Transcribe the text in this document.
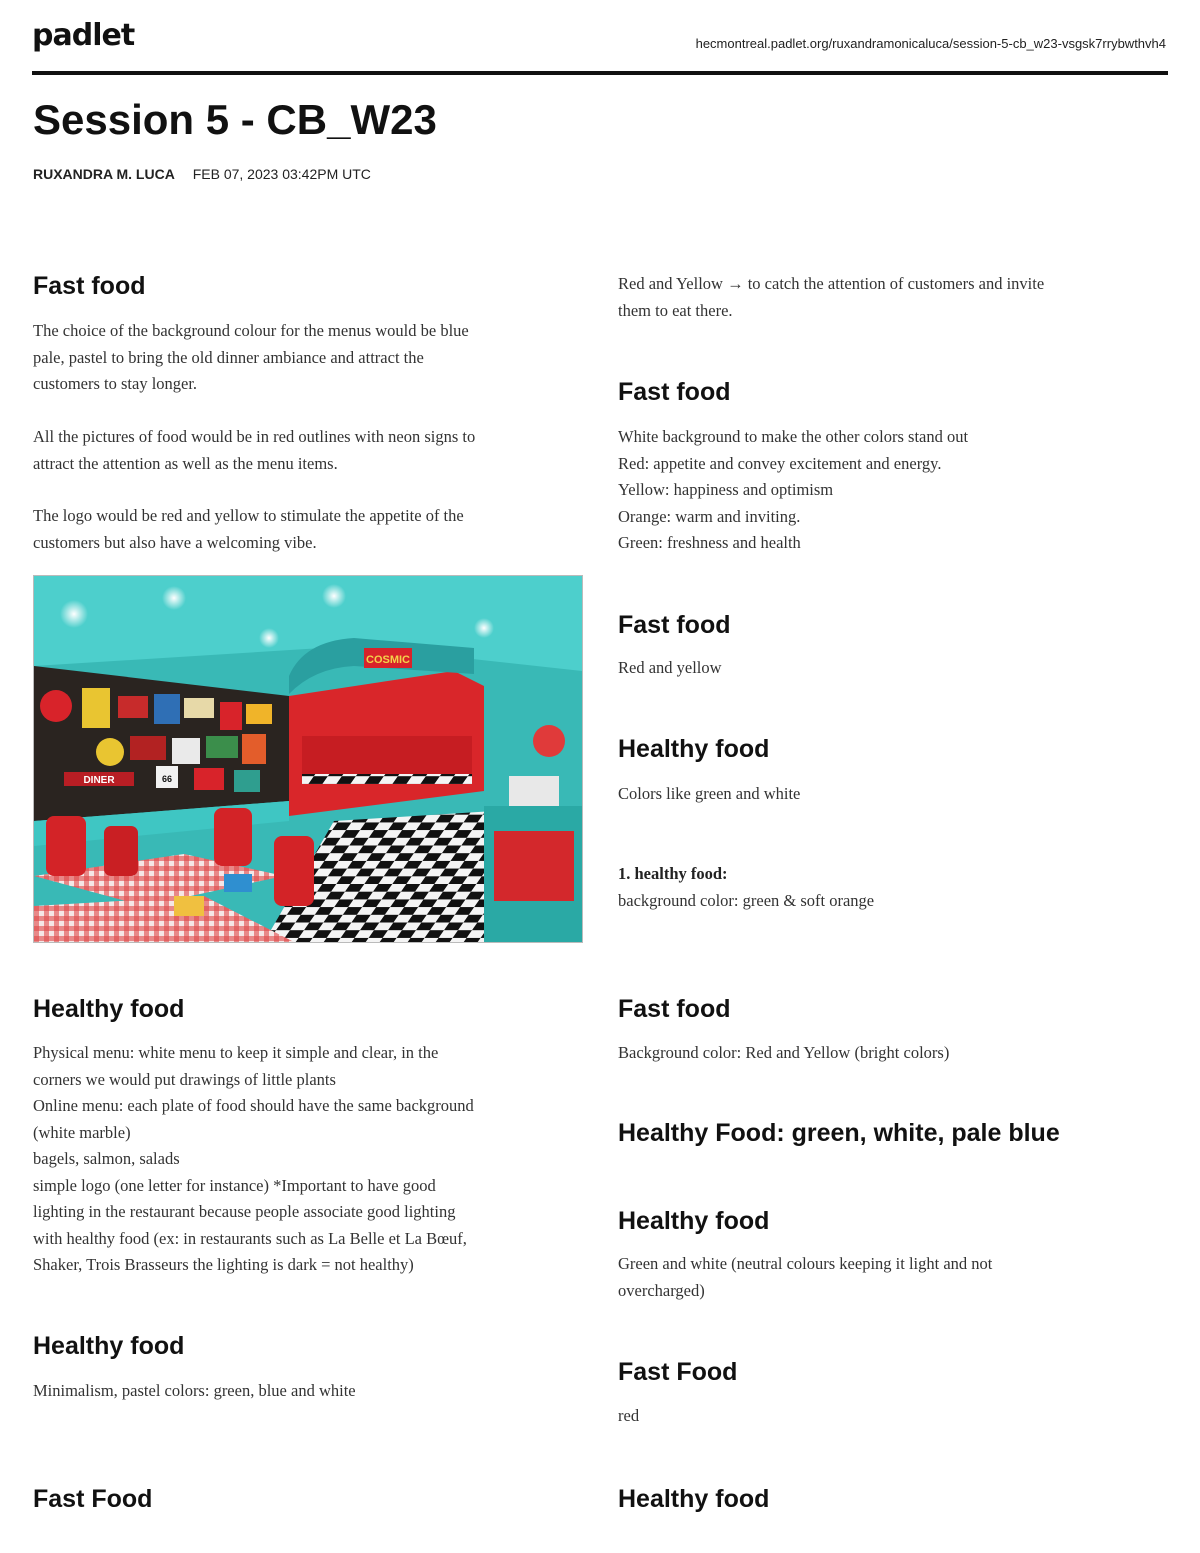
padlet	hecmontreal.padlet.org/ruxandramonicaluca/session-5-cb_w23-vsgsk7rrybwthvh4
Session 5 - CB_W23
RUXANDRA M. LUCA FEB 07, 2023 03:42PM UTC
Fast food

The choice of the background colour for the menus would be blue
pale, pastel to bring the old dinner ambiance and attract the
customers to stay longer.

All the pictures of food would be in red outlines with neon signs to
attract the attention as well as the menu items.

The logo would be red and yellow to stimulate the appetite of the
customers but also have a welcoming vibe.

DINER	66
COSMIC
Healthy food

Physical menu: white menu to keep it simple and clear, in the
corners we would put drawings of little plants
Online menu: each plate of food should have the same background
(white marble)
bagels, salmon, salads
simple logo (one letter for instance) *Important to have good
lighting in the restaurant because people associate good lighting
with healthy food (ex: in restaurants such as La Belle et La Bœuf,
Shaker, Trois Brasseurs the lighting is dark = not healthy)

Healthy food

Minimalism, pastel colors: green, blue and white

Fast Food

Red and Yellow → to catch the attention of customers and invite
them to eat there.

Fast food

White background to make the other colors stand out
Red: appetite and convey excitement and energy.
Yellow: happiness and optimism
Orange: warm and inviting.
Green: freshness and health

Fast food

Red and yellow

Healthy food

Colors like green and white

1. healthy food:

background color: green & soft orange

Fast food

Background color: Red and Yellow (bright colors)

Healthy Food: green, white, pale blue
Healthy food

Green and white (neutral colours keeping it light and not
overcharged)

Fast Food

red

Healthy food
